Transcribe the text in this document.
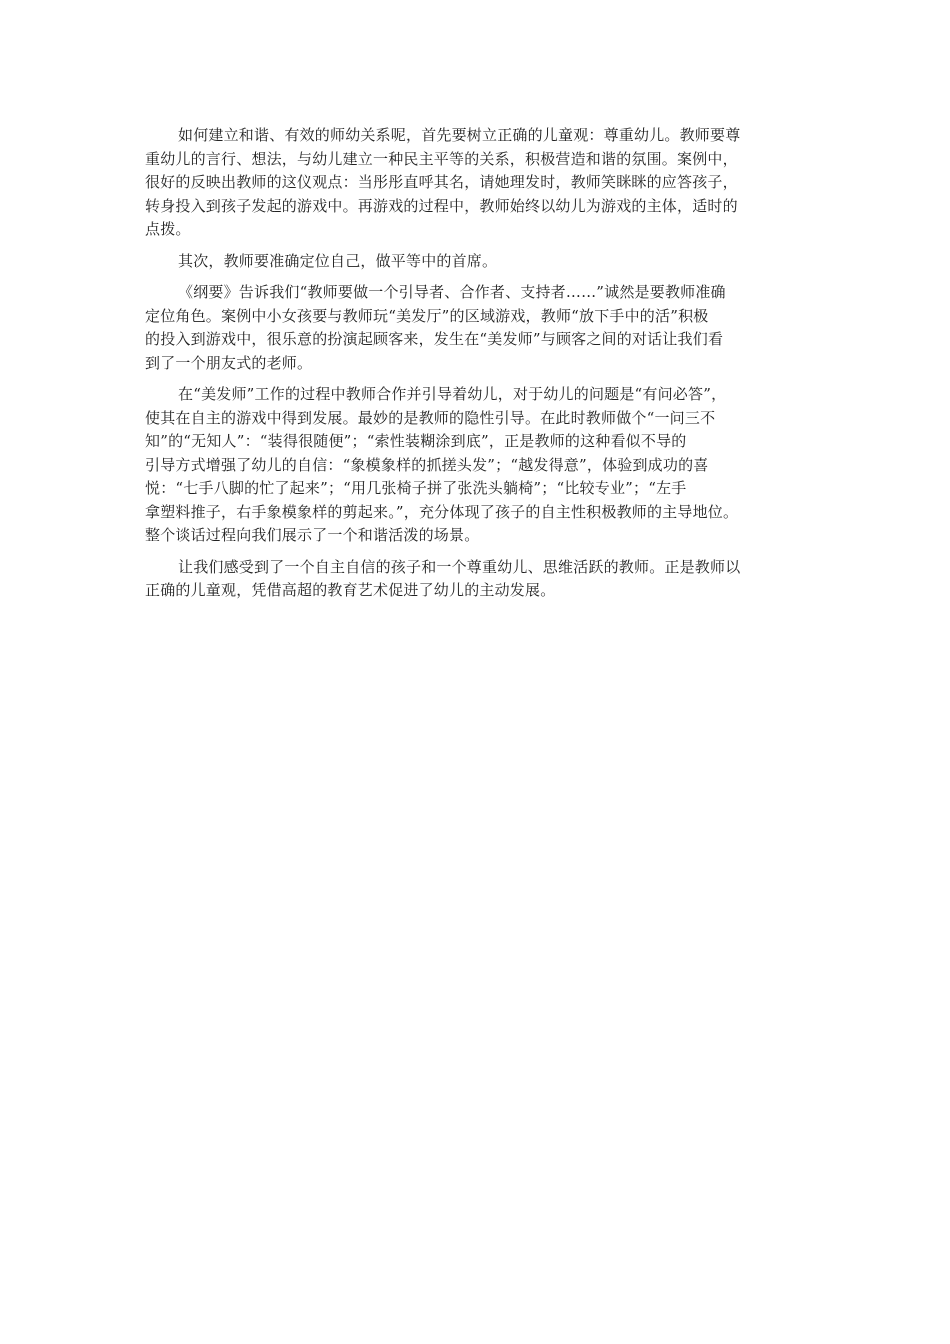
如何建立和谐、有效的师幼关系呢，首先要树立正确的儿童观：尊重幼儿。教师要尊
重幼儿的言行、想法，与幼儿建立一种民主平等的关系，积极营造和谐的氛围。案例中，
很好的反映出教师的这仪观点：当彤彤直呼其名，请她理发时，教师笑眯眯的应答孩子，
转身投入到孩子发起的游戏中。再游戏的过程中，教师始终以幼儿为游戏的主体，适时的
点拨。
其次，教师要准确定位自己，做平等中的首席。
《纲要》告诉我们“教师要做一个引导者、合作者、支持者……”诚然是要教师准确
定位角色。案例中小女孩要与教师玩“美发厅”的区域游戏，教师“放下手中的活”积极
的投入到游戏中，很乐意的扮演起顾客来，发生在“美发师”与顾客之间的对话让我们看
到了一个朋友式的老师。
在“美发师”工作的过程中教师合作并引导着幼儿，对于幼儿的问题是“有问必答”，
使其在自主的游戏中得到发展。最妙的是教师的隐性引导。在此时教师做个“一问三不
知”的“无知人”：“装得很随便”；“索性装糊涂到底”，正是教师的这种看似不导的
引导方式增强了幼儿的自信：“象模象样的抓搓头发”；“越发得意”，体验到成功的喜
悦：“七手八脚的忙了起来”；“用几张椅子拼了张洗头躺椅”；“比较专业”；“左手
拿塑料推子，右手象模象样的剪起来。”，充分体现了孩子的自主性积极教师的主导地位。
整个谈话过程向我们展示了一个和谐活泼的场景。
让我们感受到了一个自主自信的孩子和一个尊重幼儿、思维活跃的教师。正是教师以
正确的儿童观，凭借高超的教育艺术促进了幼儿的主动发展。
